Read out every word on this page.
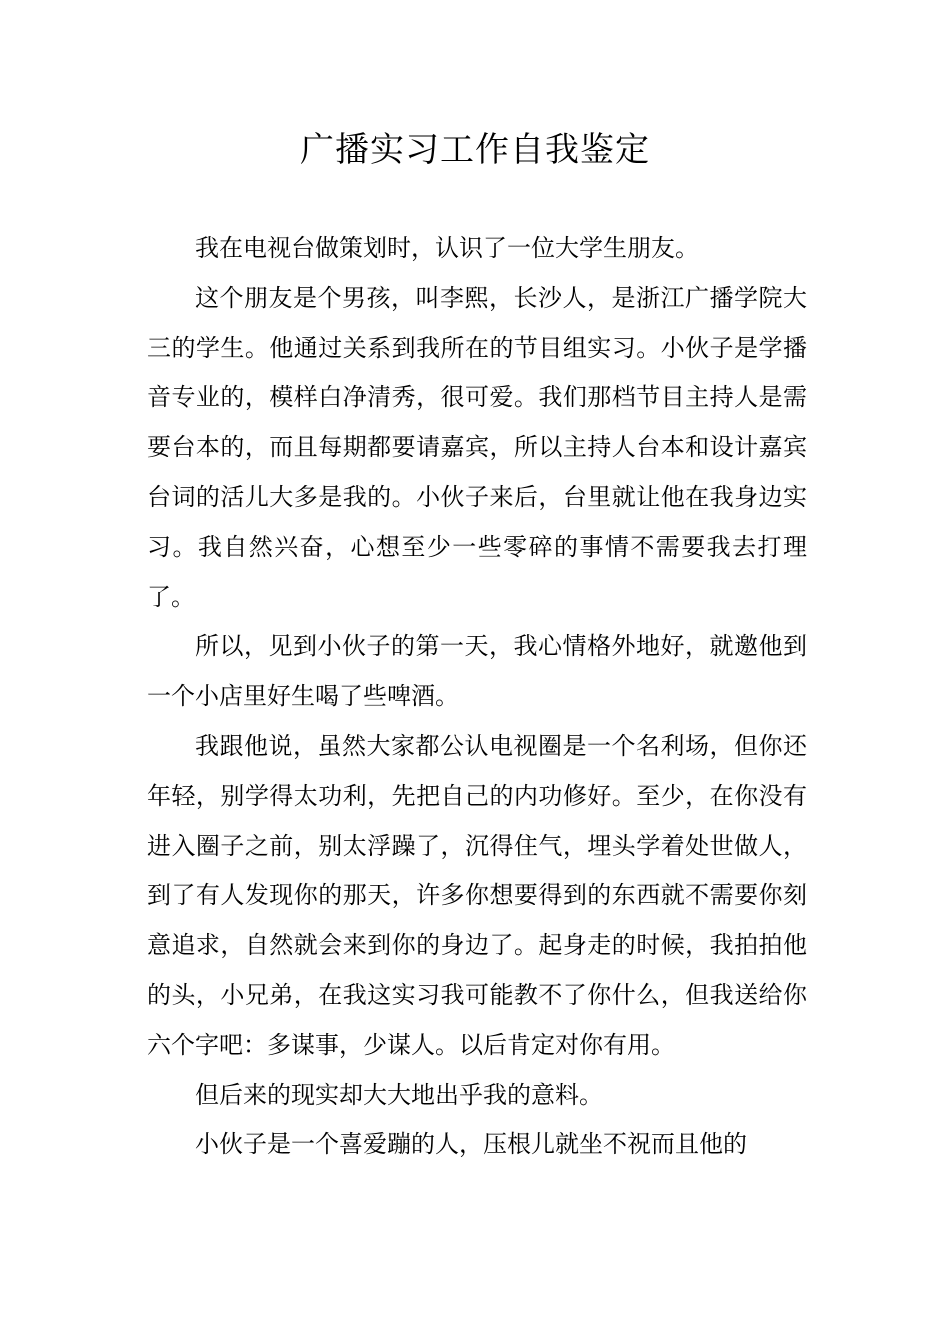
广播实习工作自我鉴定

我在电视台做策划时，认识了一位大学生朋友。

这个朋友是个男孩，叫李熙，长沙人，是浙江广播学院大三的学生。他通过关系到我所在的节目组实习。小伙子是学播音专业的，模样白净清秀，很可爱。我们那档节目主持人是需要台本的，而且每期都要请嘉宾，所以主持人台本和设计嘉宾台词的活儿大多是我的。小伙子来后，台里就让他在我身边实习。我自然兴奋，心想至少一些零碎的事情不需要我去打理了。

所以，见到小伙子的第一天，我心情格外地好，就邀他到一个小店里好生喝了些啤酒。

我跟他说，虽然大家都公认电视圈是一个名利场，但你还年轻，别学得太功利，先把自己的内功修好。至少，在你没有进入圈子之前，别太浮躁了，沉得住气，埋头学着处世做人，到了有人发现你的那天，许多你想要得到的东西就不需要你刻意追求，自然就会来到你的身边了。起身走的时候，我拍拍他的头，小兄弟，在我这实习我可能教不了你什么，但我送给你六个字吧：多谋事，少谋人。以后肯定对你有用。

但后来的现实却大大地出乎我的意料。

小伙子是一个喜爱蹦的人，压根儿就坐不祝而且他的
